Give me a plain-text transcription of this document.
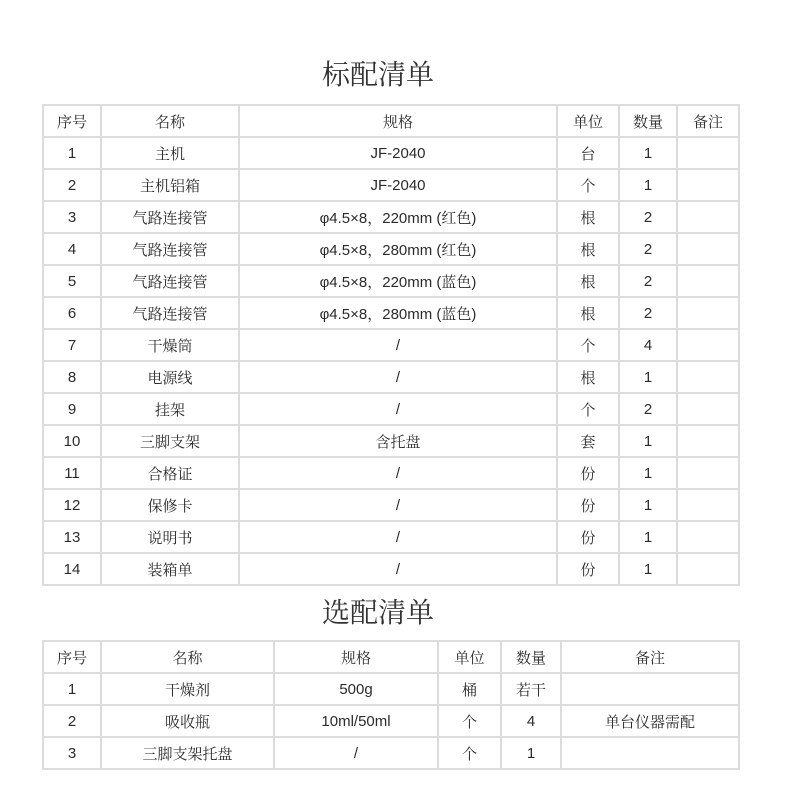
标配清单
序号	名称	规格	单位	数量	备注
1	主机	JF-2040	台	1	
2	主机铝箱	JF-2040	个	1	
3	气路连接管	φ4.5×8，220mm (红色)	根	2	
4	气路连接管	φ4.5×8，280mm (红色)	根	2	
5	气路连接管	φ4.5×8，220mm (蓝色)	根	2	
6	气路连接管	φ4.5×8，280mm (蓝色)	根	2	
7	干燥筒	/	个	4	
8	电源线	/	根	1	
9	挂架	/	个	2	
10	三脚支架	含托盘	套	1	
11	合格证	/	份	1	
12	保修卡	/	份	1	
13	说明书	/	份	1	
14	装箱单	/	份	1	
选配清单
序号	名称	规格	单位	数量	备注
1	干燥剂	500g	桶	若干	
2	吸收瓶	10ml/50ml	个	4	单台仪器需配
3	三脚支架托盘	/	个	1	
